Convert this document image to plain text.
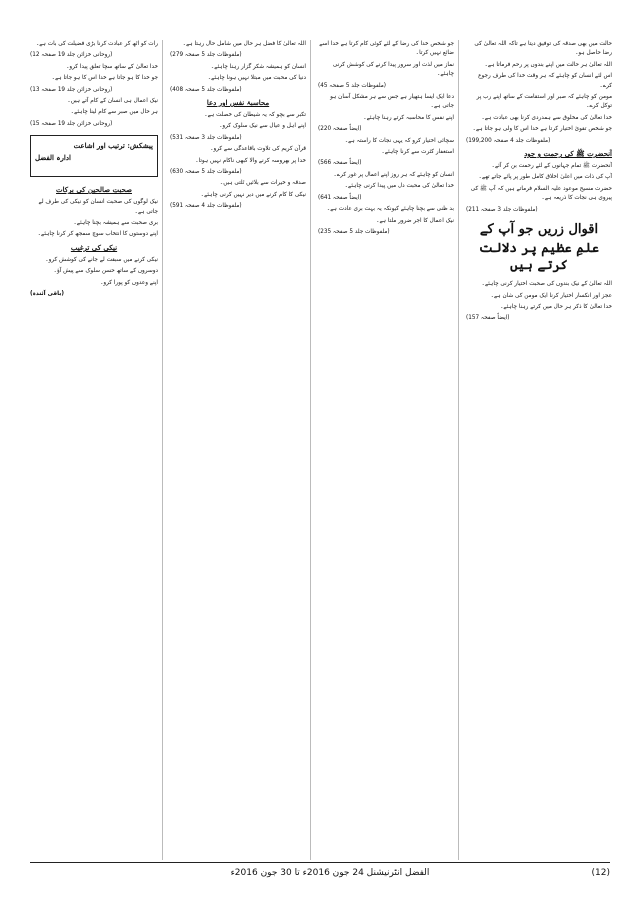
حالت میں بھی صدقہ کی توفیق دیتا ہے تاکہ اللہ تعالیٰ کی رضا حاصل ہو۔

اللہ تعالیٰ ہر حالت میں اپنے بندوں پر رحم فرماتا ہے۔

اس لئے انسان کو چاہئے کہ ہر وقت خدا کی طرف رجوع کرے۔

مومن کو چاہئے کہ صبر اور استقامت کے ساتھ اپنے رب پر توکل کرے۔

خدا تعالیٰ کی مخلوق سے ہمدردی کرنا بھی عبادت ہے۔

جو شخص تقویٰ اختیار کرتا ہے خدا اس کا ولی ہو جاتا ہے۔

(ملفوظات جلد 4 صفحہ 199,200)

آنحضرت ﷺ کی رحمت و جود

آنحضرت ﷺ تمام جہانوں کے لئے رحمت بن کر آئے۔

آپ کی ذات میں اعلیٰ اخلاق کامل طور پر پائے جاتے تھے۔

حضرت مسیح موعود علیہ السلام فرماتے ہیں کہ آپ ﷺ کی پیروی ہی نجات کا ذریعہ ہے۔

(ملفوظات جلد 3 صفحہ 211)

اقوال زریں جو آپ کے
علمِ عظیم پر دلالت کرتے ہیں

اللہ تعالیٰ کے نیک بندوں کی صحبت اختیار کرنی چاہئے۔

عجز اور انکسار اختیار کرنا ایک مومن کی شان ہے۔

خدا تعالیٰ کا ذکر ہر حال میں کرتے رہنا چاہئے۔

(ایضاً صفحہ 157)

جو شخص خدا کی رضا کے لئے کوئی کام کرتا ہے خدا اسے ضائع نہیں کرتا۔

نماز میں لذت اور سرور پیدا کرنے کی کوشش کرنی چاہئے۔

(ملفوظات جلد 5 صفحہ 45)

دعا ایک ایسا ہتھیار ہے جس سے ہر مشکل آسان ہو جاتی ہے۔

اپنے نفس کا محاسبہ کرتے رہنا چاہئے۔

(ایضاً صفحہ 220)

سچائی اختیار کرو کہ یہی نجات کا راستہ ہے۔

استغفار کثرت سے کرنا چاہئے۔

(ایضاً صفحہ 566)

انسان کو چاہئے کہ ہر روز اپنے اعمال پر غور کرے۔

خدا تعالیٰ کی محبت دل میں پیدا کرنی چاہئے۔

(ایضاً صفحہ 641)

بد ظنی سے بچنا چاہئے کیونکہ یہ بہت بری عادت ہے۔

نیک اعمال کا اجر ضرور ملتا ہے۔

(ملفوظات جلد 5 صفحہ 235)

اللہ تعالیٰ کا فضل ہر حال میں شامل حال رہتا ہے۔

(ملفوظات جلد 5 صفحہ 279)

انسان کو ہمیشہ شکر گزار رہنا چاہئے۔

دنیا کی محبت میں مبتلا نہیں ہونا چاہئے۔

(ملفوظات جلد 5 صفحہ 408)

محاسبۂ نفس اور دعا

تکبر سے بچو کہ یہ شیطان کی خصلت ہے۔

اپنے اہل و عیال سے نیک سلوک کرو۔

(ملفوظات جلد 3 صفحہ 531)

قرآن کریم کی تلاوت باقاعدگی سے کرو۔

خدا پر بھروسہ کرنے والا کبھی ناکام نہیں ہوتا۔

(ملفوظات جلد 5 صفحہ 630)

صدقہ و خیرات سے بلائیں ٹلتی ہیں۔

نیکی کا کام کرنے میں دیر نہیں کرنی چاہئے۔

(ملفوظات جلد 4 صفحہ 591)

رات کو اٹھ کر عبادت کرنا بڑی فضیلت کی بات ہے۔

(روحانی خزائن جلد 19 صفحہ 12)

خدا تعالیٰ کے ساتھ سچا تعلق پیدا کرو۔

جو خدا کا ہو جاتا ہے خدا اس کا ہو جاتا ہے۔

(روحانی خزائن جلد 19 صفحہ 13)

نیک اعمال ہی انسان کے کام آتے ہیں۔

ہر حال میں صبر سے کام لینا چاہئے۔

(روحانی خزائن جلد 19 صفحہ 15)

پیشکش: ترتیب اور اشاعت
ادارہ الفضل
صحبتِ صالحین کی برکات

نیک لوگوں کی صحبت انسان کو نیکی کی طرف لے جاتی ہے۔

بری صحبت سے ہمیشہ بچنا چاہئے۔

اپنے دوستوں کا انتخاب سوچ سمجھ کر کرنا چاہئے۔

نیکی کی ترغیب

نیکی کرنے میں سبقت لے جانے کی کوشش کرو۔

دوسروں کے ساتھ حسن سلوک سے پیش آؤ۔

اپنے وعدوں کو پورا کرو۔

(باقی آئندہ)

(12)
الفضل انٹرنیشنل 24 جون 2016ء تا 30 جون 2016ء
